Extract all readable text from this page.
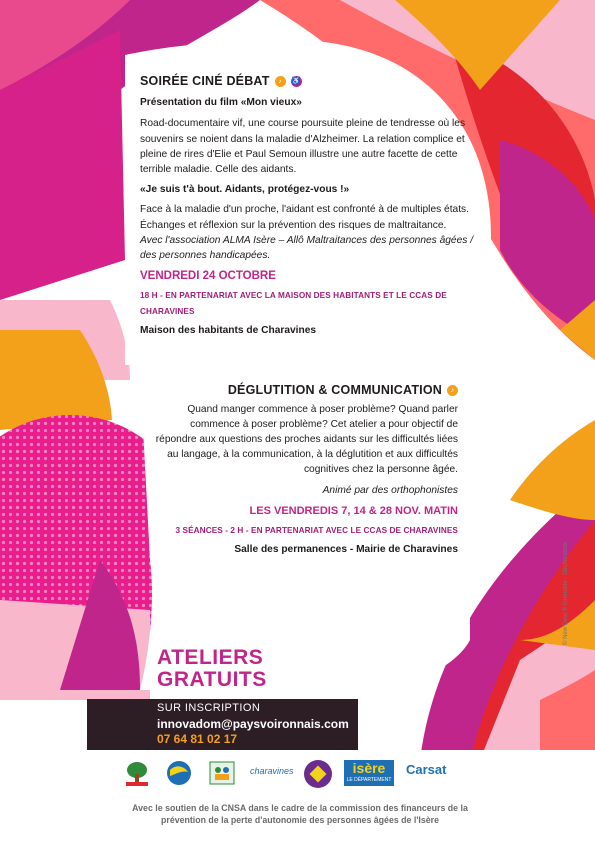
SOIRÉE CINÉ DÉBAT	♪	♿

Présentation du film «Mon vieux»

Road-documentaire vif, une course poursuite pleine de tendresse où les souvenirs se noient dans la maladie d'Alzheimer. La relation complice et pleine de rires d'Elie et Paul Semoun illustre une autre facette de cette terrible maladie. Celle des aidants.

«Je suis t'à bout. Aidants, protégez-vous !»

Face à la maladie d'un proche, l'aidant est confronté à de multiples états. Échanges et réflexion sur la prévention des risques de maltraitance.

Avec l'association ALMA Isère – Allô Maltraitances des personnes âgées / des personnes handicapées.

VENDREDI 24 OCTOBRE

18 H - EN PARTENARIAT AVEC LA MAISON DES HABITANTS ET LE CCAS DE CHARAVINES

Maison des habitants de Charavines

DÉGLUTITION & COMMUNICATION	♪

Quand manger commence à poser problème? Quand parler commence à poser problème? Cet atelier a pour objectif de répondre aux questions des proches aidants sur les difficultés liées au langage, à la communication, à la déglutition et aux difficultés cognitives chez la personne âgée.

Animé par des orthophonistes

LES VENDREDIS 7, 14 & 28 NOV. MATIN

3 SÉANCES - 2 H - EN PARTENARIAT AVEC LE CCAS DE CHARAVINES

Salle des permanences - Mairie de Charavines

ATELIERS
GRATUITS
SUR INSCRIPTION
innovadom@paysvoironnais.com
07 64 81 02 17
© New Deal ® Grenoble - Shutterstock
charavines	isère
LE DÉPARTEMENT
Carsat
Avec le soutien de la CNSA dans le cadre de la commission des financeurs de la prévention de la perte d'autonomie des personnes âgées de l'Isère
